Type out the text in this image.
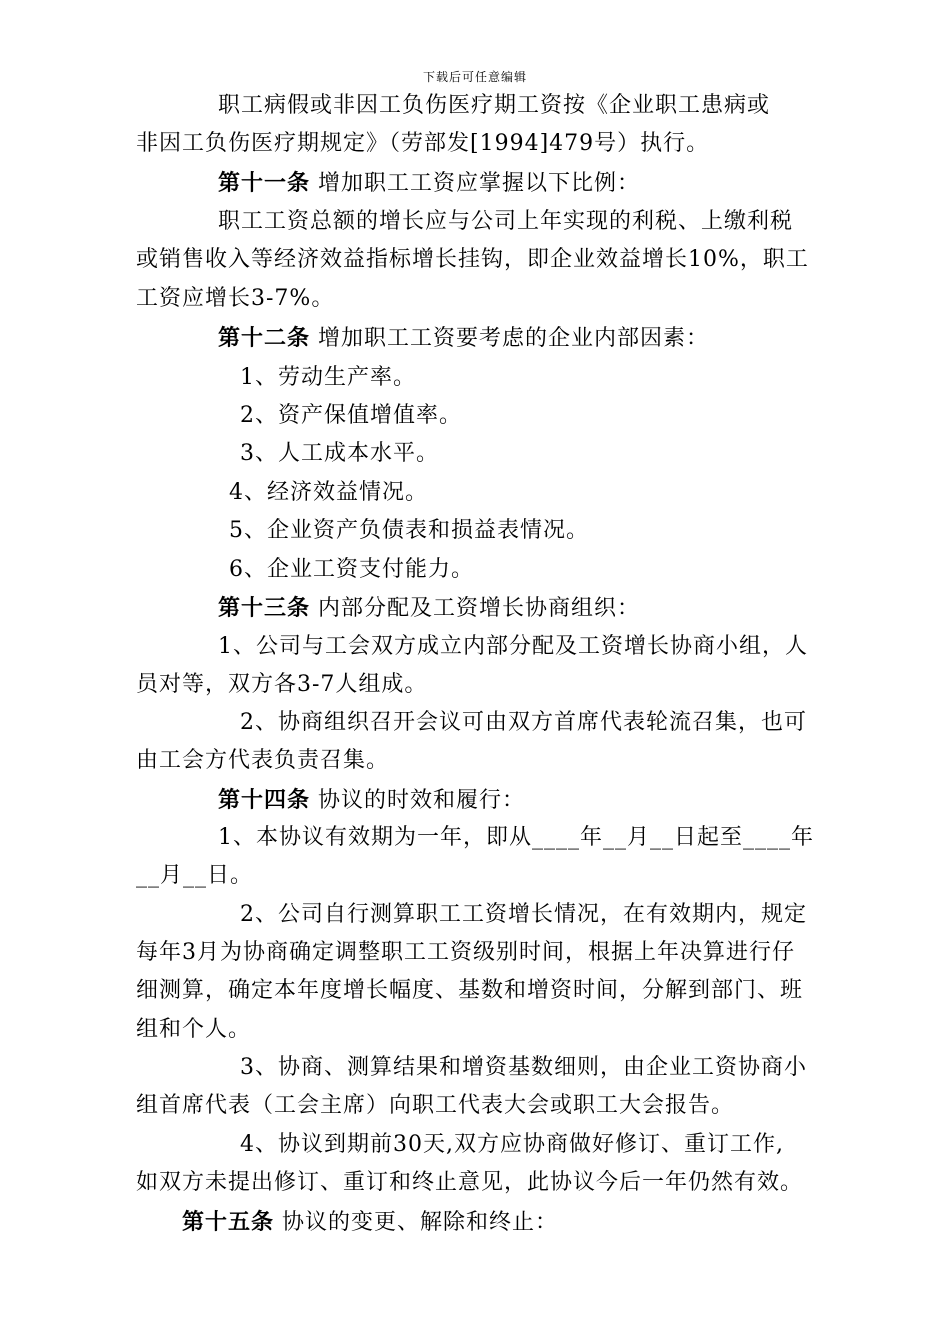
下载后可任意编辑
职工病假或非因工负伤医疗期工资按《企业职工患病或
非因工负伤医疗期规定》（劳部发[1994]479号）执行。
第十一条 增加职工工资应掌握以下比例：
职工工资总额的增长应与公司上年实现的利税、上缴利税
或销售收入等经济效益指标增长挂钩，即企业效益增长10%，职工
工资应增长3-7%。
第十二条 增加职工工资要考虑的企业内部因素：
1、劳动生产率。
2、资产保值增值率。
3、人工成本水平。
4、经济效益情况。
5、企业资产负债表和损益表情况。
6、企业工资支付能力。
第十三条 内部分配及工资增长协商组织：
1、公司与工会双方成立内部分配及工资增长协商小组，人
员对等，双方各3-7人组成。
2、协商组织召开会议可由双方首席代表轮流召集，也可
由工会方代表负责召集。
第十四条 协议的时效和履行：
1、本协议有效期为一年，即从____年__月__日起至____年
__月__日。
2、公司自行测算职工工资增长情况，在有效期内，规定
每年3月为协商确定调整职工工资级别时间，根据上年决算进行仔
细测算，确定本年度增长幅度、基数和增资时间，分解到部门、班
组和个人。
3、协商、测算结果和增资基数细则，由企业工资协商小
组首席代表（工会主席）向职工代表大会或职工大会报告。
4、协议到期前30天,双方应协商做好修订、重订工作,
如双方未提出修订、重订和终止意见，此协议今后一年仍然有效。
第十五条 协议的变更、解除和终止：
